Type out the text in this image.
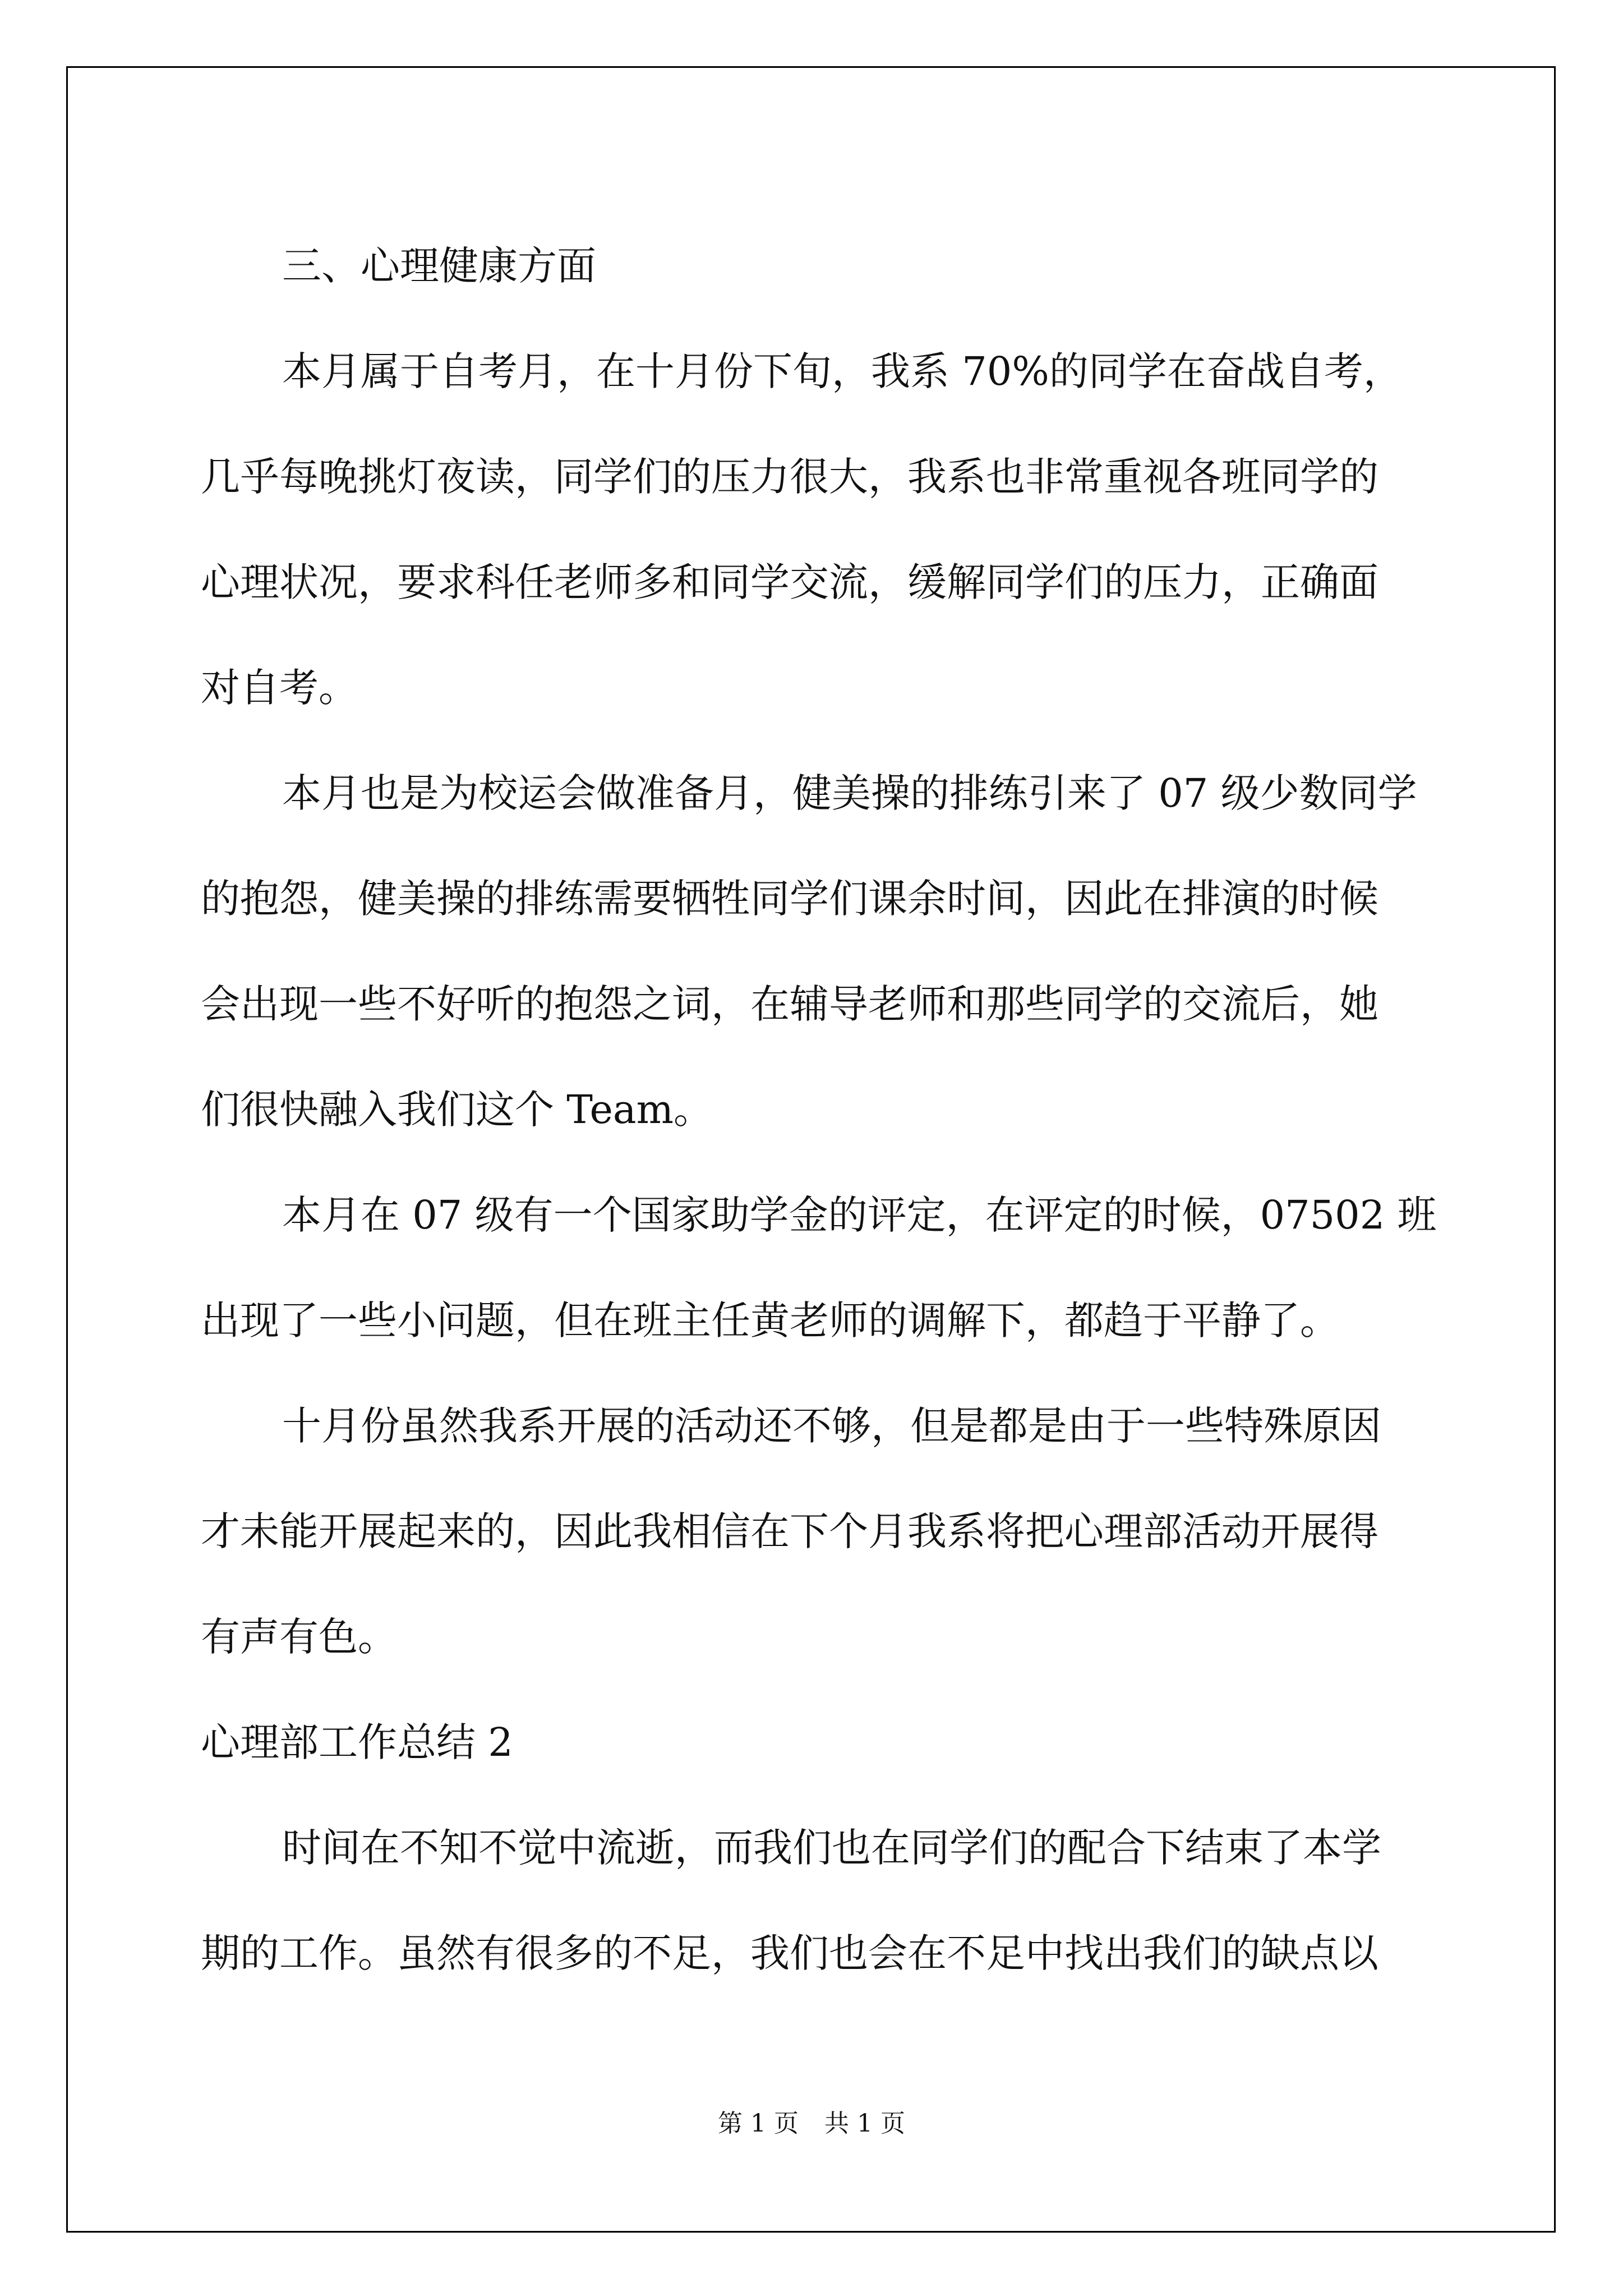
三、心理健康方面
本月属于自考月，在十月份下旬，我系 70%的同学在奋战自考，
几乎每晚挑灯夜读，同学们的压力很大，我系也非常重视各班同学的
心理状况，要求科任老师多和同学交流，缓解同学们的压力，正确面
对自考。
本月也是为校运会做准备月，健美操的排练引来了 07 级少数同学
的抱怨，健美操的排练需要牺牲同学们课余时间，因此在排演的时候
会出现一些不好听的抱怨之词，在辅导老师和那些同学的交流后，她
们很快融入我们这个 Team。
本月在 07 级有一个国家助学金的评定，在评定的时候，07502 班
出现了一些小问题，但在班主任黄老师的调解下，都趋于平静了。
十月份虽然我系开展的活动还不够，但是都是由于一些特殊原因
才未能开展起来的，因此我相信在下个月我系将把心理部活动开展得
有声有色。
心理部工作总结 2
时间在不知不觉中流逝，而我们也在同学们的配合下结束了本学
期的工作。虽然有很多的不足，我们也会在不足中找出我们的缺点以
第 1 页 共 1 页
